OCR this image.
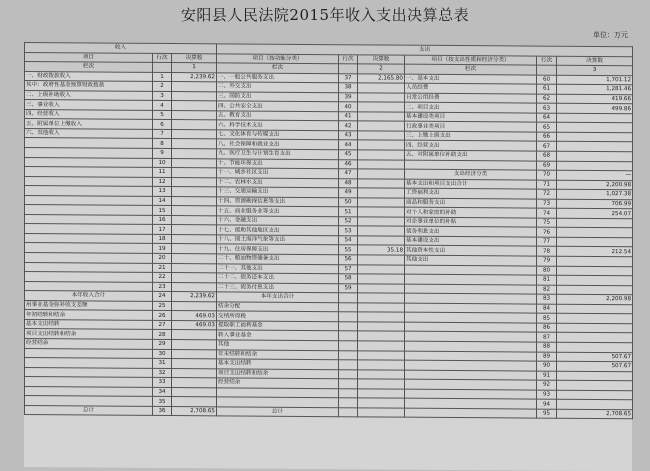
安阳县人民法院2015年收入支出决算总表
单位：万元
收入			支出					
项目	行次	决算数	项目（按功能分类）	行次	决算数	项目（按支出性质和经济分类）	行次	决算数
栏次		1	栏次		2	栏次		3
一、财政拨款收入	1	2,239.62	一、一般公共服务支出	37	2,165.80	一、基本支出	60	1,701.12
其中：政府性基金预算财政拨款	2		二、外交支出	38		人员经费	61	1,281.46
二、上级补助收入	3		三、国防支出	39		日常公用经费	62	419.66
三、事业收入	4		四、公共安全支出	40		二、项目支出	63	499.86
四、经营收入	5		五、教育支出	41		基本建设类项目	64	
五、附属单位上缴收入	6		六、科学技术支出	42		行政事业类项目	65	
六、其他收入	7		七、文化体育与传媒支出	43		三、上缴上级支出	66	
	8		八、社会保障和就业支出	44		四、经营支出	67	
	9		九、医疗卫生与计划生育支出	45		五、对附属单位补助支出	68	
	10		十、节能环保支出	46			69	
	11		十一、城乡社区支出	47		支出经济分类	70	—
	12		十二、农林水支出	48		基本支出和项目支出合计	71	2,200.98
	13		十三、交通运输支出	49		工资福利支出	72	1,027.38
	14		十四、资源勘探信息等支出	50		商品和服务支出	73	706.99
	15		十五、商业服务业等支出	51		对个人和家庭的补助	74	254.07
	16		十六、金融支出	52		对企事业单位的补贴	75	
	17		十七、援助其他地区支出	53		债务利息支出	76	
	18		十八、国土海洋气象等支出	54		基本建设支出	77	
	19		十九、住房保障支出	55	35.18	其他资本性支出	78	212.54
	20		二十、粮油物资储备支出	56		其他支出	79	
	21		二十一、其他支出	57			80	
	22		二十二、债务还本支出	58			81	
	23		二十三、债务付息支出	59			82	
本年收入合计	24	2,239.62	本年支出合计				83	2,200.98
用事业基金弥补收支差额	25		结余分配				84	
年初结转和结余	26	469.03	交纳所得税				85	
基本支出结转	27	469.03	提取职工福利基金				86	
项目支出结转和结余	28		转入事业基金				87	
经营结余	29		其他				88	
	30		年末结转和结余				89	507.67
	31		基本支出结转				90	507.67
	32		项目支出结转和结余				91	
	33		经营结余				92	
	34						93	
	35						94	
总计	36	2,708.65	总计				95	2,708.65
